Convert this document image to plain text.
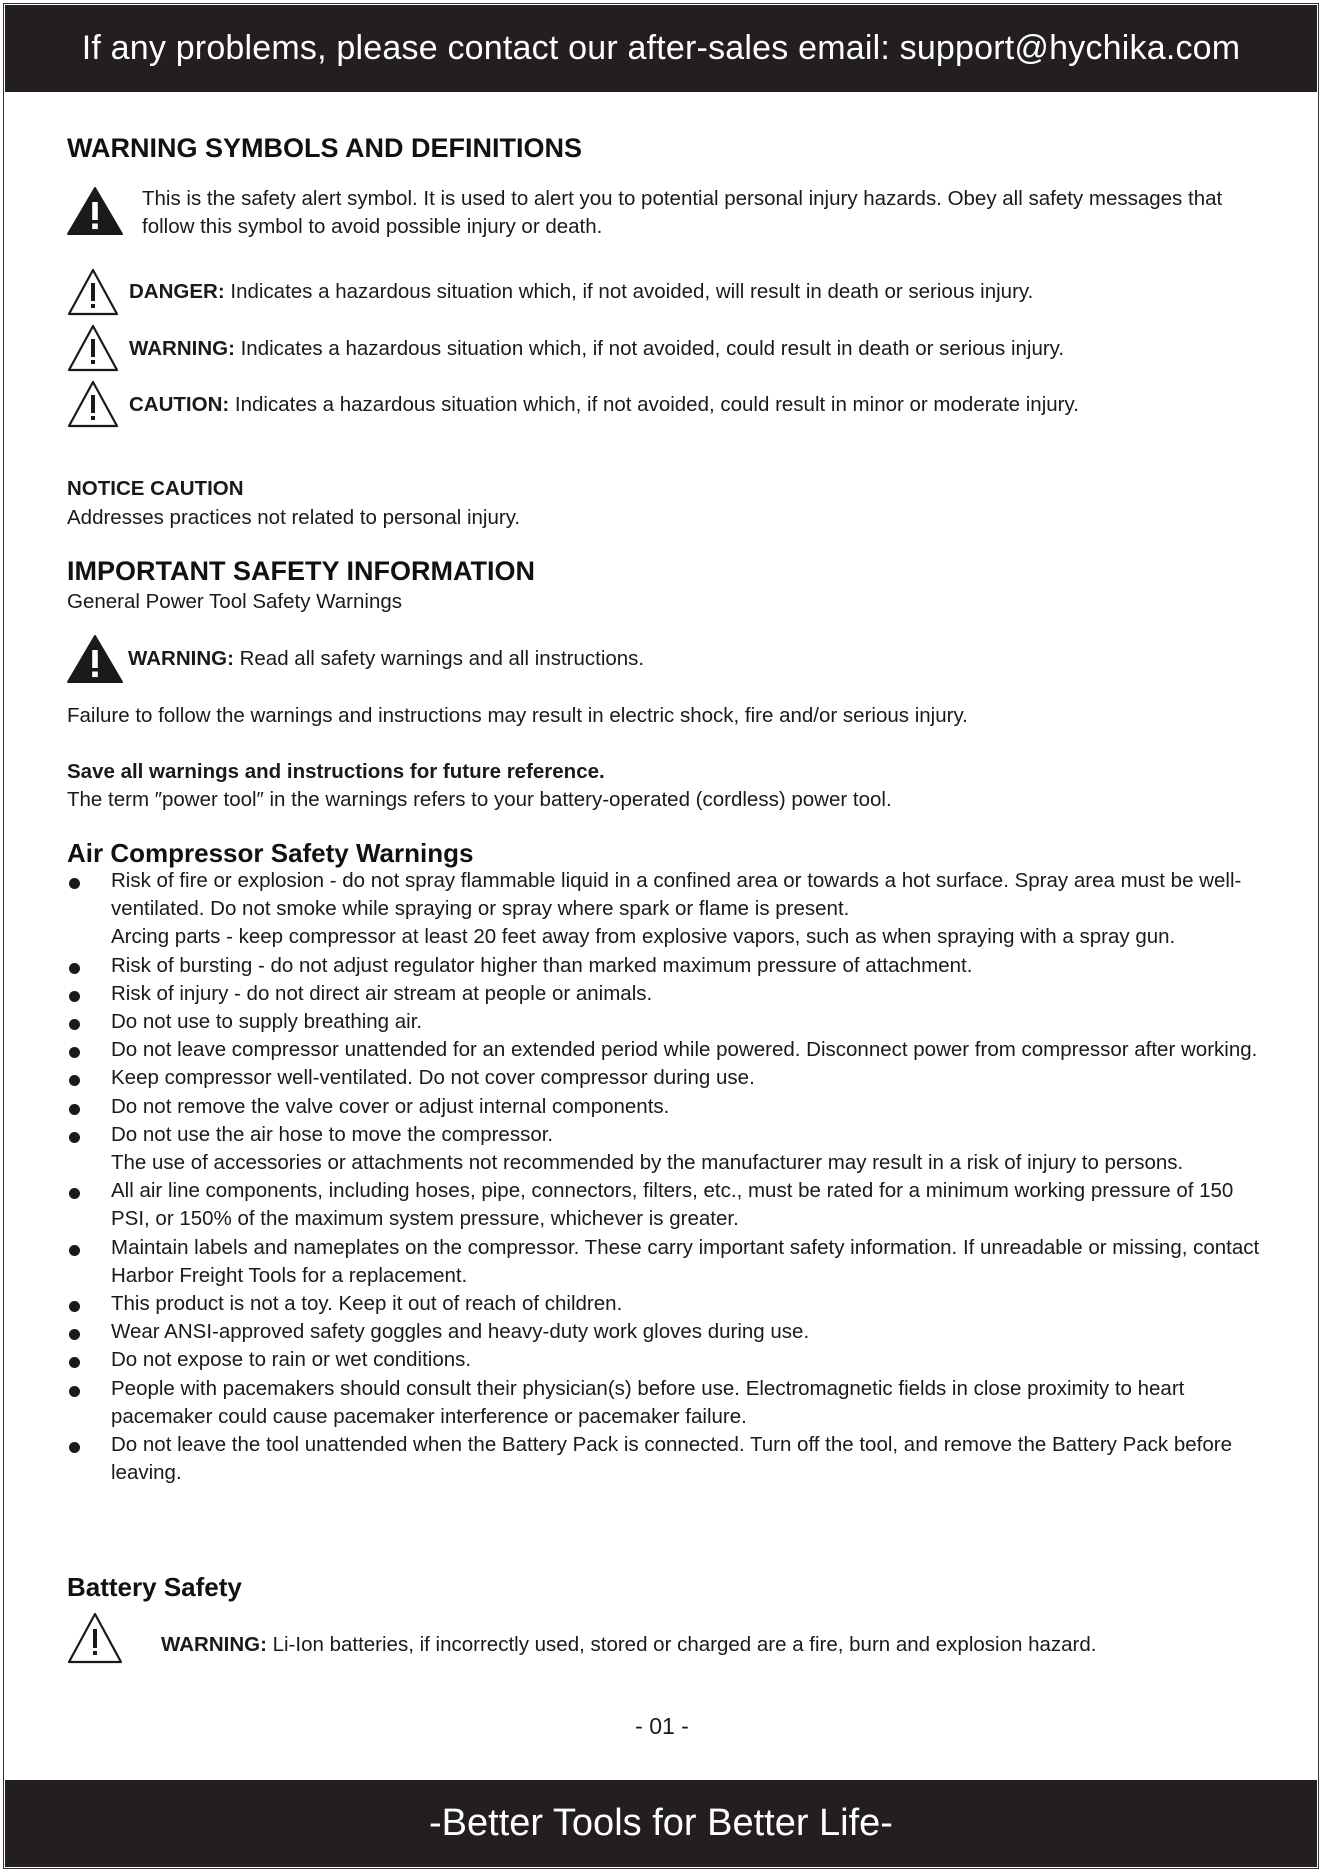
If any problems, please contact our after-sales email: support@hychika.com
WARNING SYMBOLS AND DEFINITIONS
This is the safety alert symbol. It is used to alert you to potential personal injury hazards. Obey all safety messages that follow this symbol to avoid possible injury or death.
DANGER: Indicates a hazardous situation which, if not avoided, will result in death or serious injury.
WARNING: Indicates a hazardous situation which, if not avoided, could result in death or serious injury.
CAUTION: Indicates a hazardous situation which, if not avoided, could result in minor or moderate injury.
NOTICE CAUTION
Addresses practices not related to personal injury.
IMPORTANT SAFETY INFORMATION
General Power Tool Safety Warnings
WARNING: Read all safety warnings and all instructions.
Failure to follow the warnings and instructions may result in electric shock, fire and/or serious injury.
Save all warnings and instructions for future reference.
The term ″power tool″ in the warnings refers to your battery-operated (cordless) power tool.
Air Compressor Safety Warnings
Risk of fire or explosion - do not spray flammable liquid in a confined area or towards a hot surface. Spray area must be well-ventilated. Do not smoke while spraying or spray where spark or flame is present.
Arcing parts - keep compressor at least 20 feet away from explosive vapors, such as when spraying with a spray gun.
Risk of bursting - do not adjust regulator higher than marked maximum pressure of attachment.
Risk of injury - do not direct air stream at people or animals.
Do not use to supply breathing air.
Do not leave compressor unattended for an extended period while powered. Disconnect power from compressor after working.
Keep compressor well-ventilated. Do not cover compressor during use.
Do not remove the valve cover or adjust internal components.
Do not use the air hose to move the compressor.
The use of accessories or attachments not recommended by the manufacturer may result in a risk of injury to persons.
All air line components, including hoses, pipe, connectors, filters, etc., must be rated for a minimum working pressure of 150 PSI, or 150% of the maximum system pressure, whichever is greater.
Maintain labels and nameplates on the compressor. These carry important safety information. If unreadable or missing, contact Harbor Freight Tools for a replacement.
This product is not a toy. Keep it out of reach of children.
Wear ANSI-approved safety goggles and heavy-duty work gloves during use.
Do not expose to rain or wet conditions.
People with pacemakers should consult their physician(s) before use. Electromagnetic fields in close proximity to heart pacemaker could cause pacemaker interference or pacemaker failure.
Do not leave the tool unattended when the Battery Pack is connected. Turn off the tool, and remove the Battery Pack before leaving.
Battery Safety
WARNING: Li-Ion batteries, if incorrectly used, stored or charged are a fire, burn and explosion hazard.
- 01 -
-Better Tools for Better Life-
